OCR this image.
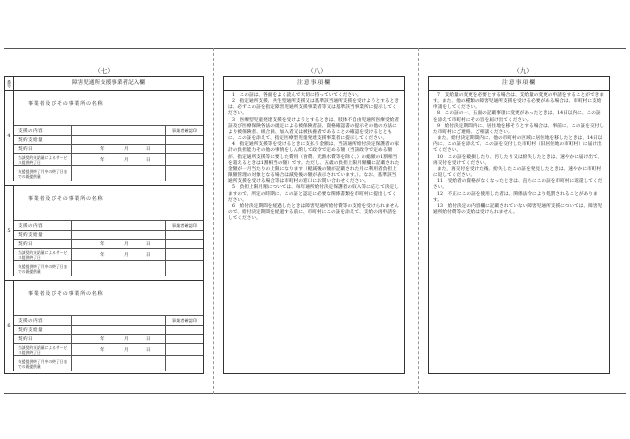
（七）
番号	障害児通所支援事業者記入欄
4
事業者及びその事業所の名称
支援の内容	事業者確認印
契約支給量
契約日	年	月	日
当該契約支給量によるサービス提供終了日	年	月	日
支援提供終了月中の終了日までの既提供量
5
事業者及びその事業所の名称
支援の内容	事業者確認印
契約支給量
契約日	年	月	日
当該契約支給量によるサービス提供終了日	年	月	日
支援提供終了月中の終了日までの既提供量
6
事業者及びその事業所の名称
支援の内容	事業者確認印
契約支給量
契約日	年	月	日
当該契約支給量によるサービス提供終了日	年	月	日
支援提供終了月中の終了日までの既提供量
（八）
注意事項欄

1　この証は、各面をよく読んで大切に持っていてください。

2　指定通所支援、共生型通所支援又は基準該当通所支援を受けようとするときは、必ずこの証を指定障害児通所支援事業者等又は基準該当事業所に提示してください。

3　医療型児童発達支援を受けようとするときは、肢体不自由児通所医療受給者証及び医療保険各法の規定による被保険者証、資格確認書の提示その他の方法により被保険者、組合員、加入者又は被扶養者であることの確認を受けるとともに、この証を添えて、指定医療型児童発達支援事業者に提示してください。

4　指定通所支援等を受けるときに支払う金額は、当該通所給付決定保護者の家計の負担能力その他の事情をしん酌して政令で定める額（当該政令で定める額が、指定通所支援等に要した費用（食費、光熱水費等を除く。）の総額の1割相当を超えるときは1割相当の額）です。ただし、五歳の負担上限月額欄に記載された金額が一月当たりの上限になります（軽減後の額が記載された月に利用者負担上限額管理の対象となる場合は減免後の額が表示されています。）。なお、基準該当通所支援を受ける場合等は市町村の窓口にお問い合わせください。

5　負担上限月額については、毎年通所給付決定保護者の収入等に応じて決定しますので、所定の時期に、この証と認定に必要な関係書類を市町村に提出してください。

6　給付決定期間を経過したときは障害児通所給付費等の支給を受けられませんので、給付決定期間を経過する前に、市町村にこの証を添えて、支給の再申請をしてください。

（九）
注意事項欄

7　支給量の変更を必要とする場合は、支給量の変更の申請をすることができます。また、他の種類の障害児通所支援を受ける必要がある場合は、市町村に支給申請をしてください。

8　この証の一、五面の記載事項に変更があったときは、14日以内に、この証を添えて市町村にその旨を届け出てください。

9　給付決定期間内に、居住地を移そうとする場合は、事前に、この証を交付した市町村にご連絡、ご相談ください。

また、給付決定期間内に、他の市町村の区域に居住地を移したときは、14日以内に、この証を添えて、この証を交付した市町村（旧居住地の市町村）に届け出てください。

10　この証を破損したり、汚したり又は紛失したときは、速やかに届け出て、再交付を受けてください。

また、再交付を受けた後、紛失したこの証を発見したときは、速やかに市町村に返してください。

11　受給者の資格がなくなったときは、直ちにこの証を市町村に返還してください。

12　不正にこの証を使用した者は、関係法令により処罰されることがあります。

13　給付決定の内容欄に記載されていない障害児通所支援については、障害児通所給付費等の支給は受けられません。
